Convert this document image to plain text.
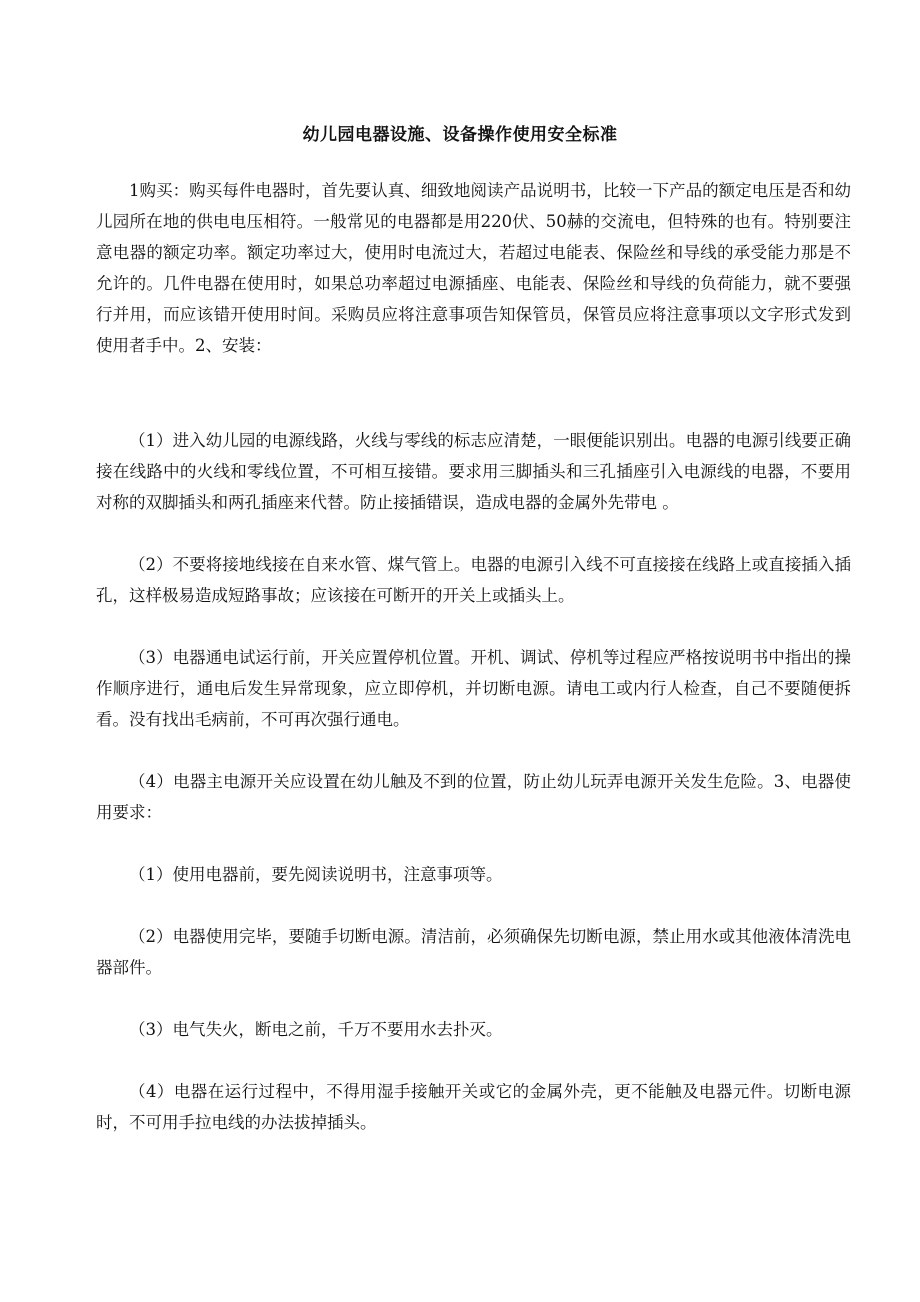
幼儿园电器设施、设备操作使用安全标准

1购买：购买每件电器时，首先要认真、细致地阅读产品说明书，比较一下产品的额定电压是否和幼儿园所在地的供电电压相符。一般常见的电器都是用220伏、50赫的交流电，但特殊的也有。特别要注意电器的额定功率。额定功率过大，使用时电流过大，若超过电能表、保险丝和导线的承受能力那是不允许的。几件电器在使用时，如果总功率超过电源插座、电能表、保险丝和导线的负荷能力，就不要强行并用，而应该错开使用时间。采购员应将注意事项告知保管员，保管员应将注意事项以文字形式发到使用者手中。2、安装：

（1）进入幼儿园的电源线路，火线与零线的标志应清楚，一眼便能识别出。电器的电源引线要正确接在线路中的火线和零线位置，不可相互接错。要求用三脚插头和三孔插座引入电源线的电器，不要用对称的双脚插头和两孔插座来代替。防止接插错误，造成电器的金属外先带电 。

（2）不要将接地线接在自来水管、煤气管上。电器的电源引入线不可直接接在线路上或直接插入插孔，这样极易造成短路事故；应该接在可断开的开关上或插头上。

（3）电器通电试运行前，开关应置停机位置。开机、调试、停机等过程应严格按说明书中指出的操作顺序进行，通电后发生异常现象，应立即停机，并切断电源。请电工或内行人检查，自己不要随便拆看。没有找出毛病前，不可再次强行通电。

（4）电器主电源开关应设置在幼儿触及不到的位置，防止幼儿玩弄电源开关发生危险。3、电器使用要求：

（1）使用电器前，要先阅读说明书，注意事项等。

（2）电器使用完毕，要随手切断电源。清洁前，必须确保先切断电源，禁止用水或其他液体清洗电器部件。

（3）电气失火，断电之前，千万不要用水去扑灭。

（4）电器在运行过程中，不得用湿手接触开关或它的金属外壳，更不能触及电器元件。切断电源时，不可用手拉电线的办法拔掉插头。
